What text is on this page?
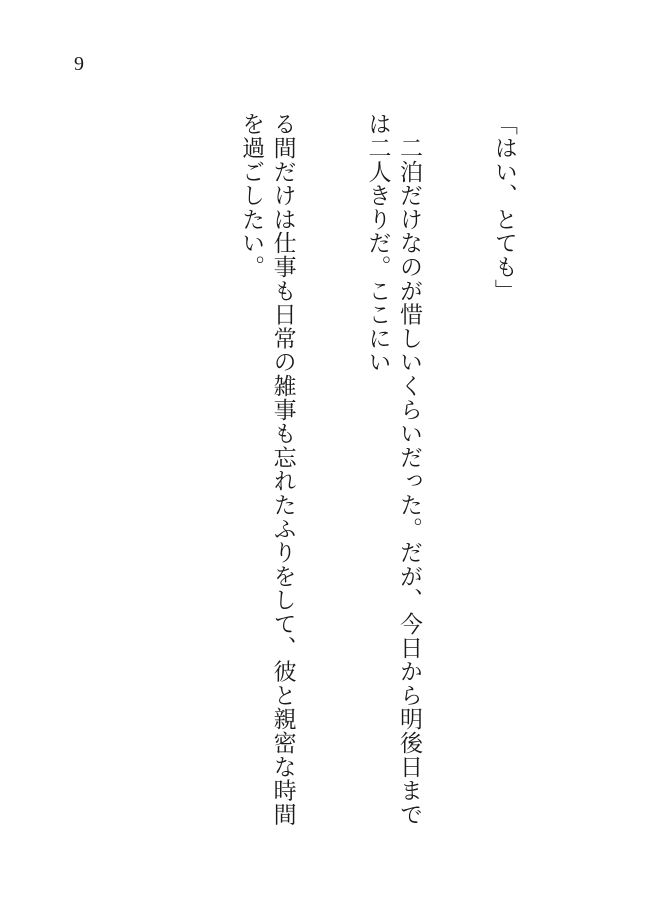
9

「はい、とても」

　二泊だけなのが惜しいくらいだった。だが、今日から明後日までは二人きりだ。ここにい

る間だけは仕事も日常の雑事も忘れたふりをして、彼と親密な時間を過ごしたい。
